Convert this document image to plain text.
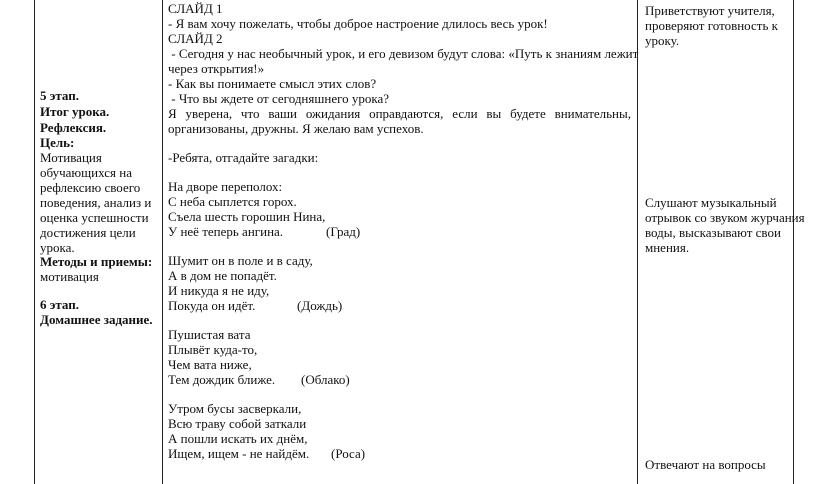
5 этап.
Итог урока.
Рефлексия.
Цель:
Мотивация
обучающихся на
рефлексию своего
поведения, анализ и
оценка успешности
достижения цели
урока.
Методы и приемы:
мотивация
6 этап.
Домашнее задание.
СЛАЙД 1
- Я вам хочу пожелать, чтобы доброе настроение длилось весь урок!
СЛАЙД 2
- Сегодня у нас необычный урок, и его девизом будут слова: «Путь к знаниям лежит
через открытия!»
- Как вы понимаете смысл этих слов?
- Что вы ждете от сегодняшнего урока?
Я уверена, что ваши ожидания оправдаются, если вы будете внимательны,
организованы, дружны. Я желаю вам успехов.
-Ребята, отгадайте загадки:
На дворе переполох:
С неба сыплется горох.
Съела шесть горошин Нина,
У неё теперь ангина.	(Град)
Шумит он в поле и в саду,
А в дом не попадёт.
И никуда я не иду,
Покуда он идёт.	(Дождь)
Пушистая вата
Плывёт куда-то,
Чем вата ниже,
Тем дождик ближе. (Облако)
Утром бусы засверкали,
Всю траву собой заткали
А пошли искать их днём,
Ищем, ищем - не найдём. (Роса)
Приветствуют учителя,
проверяют готовность к
уроку.
Слушают музыкальный
отрывок со звуком журчания
воды, высказывают свои
мнения.
Отвечают на вопросы
